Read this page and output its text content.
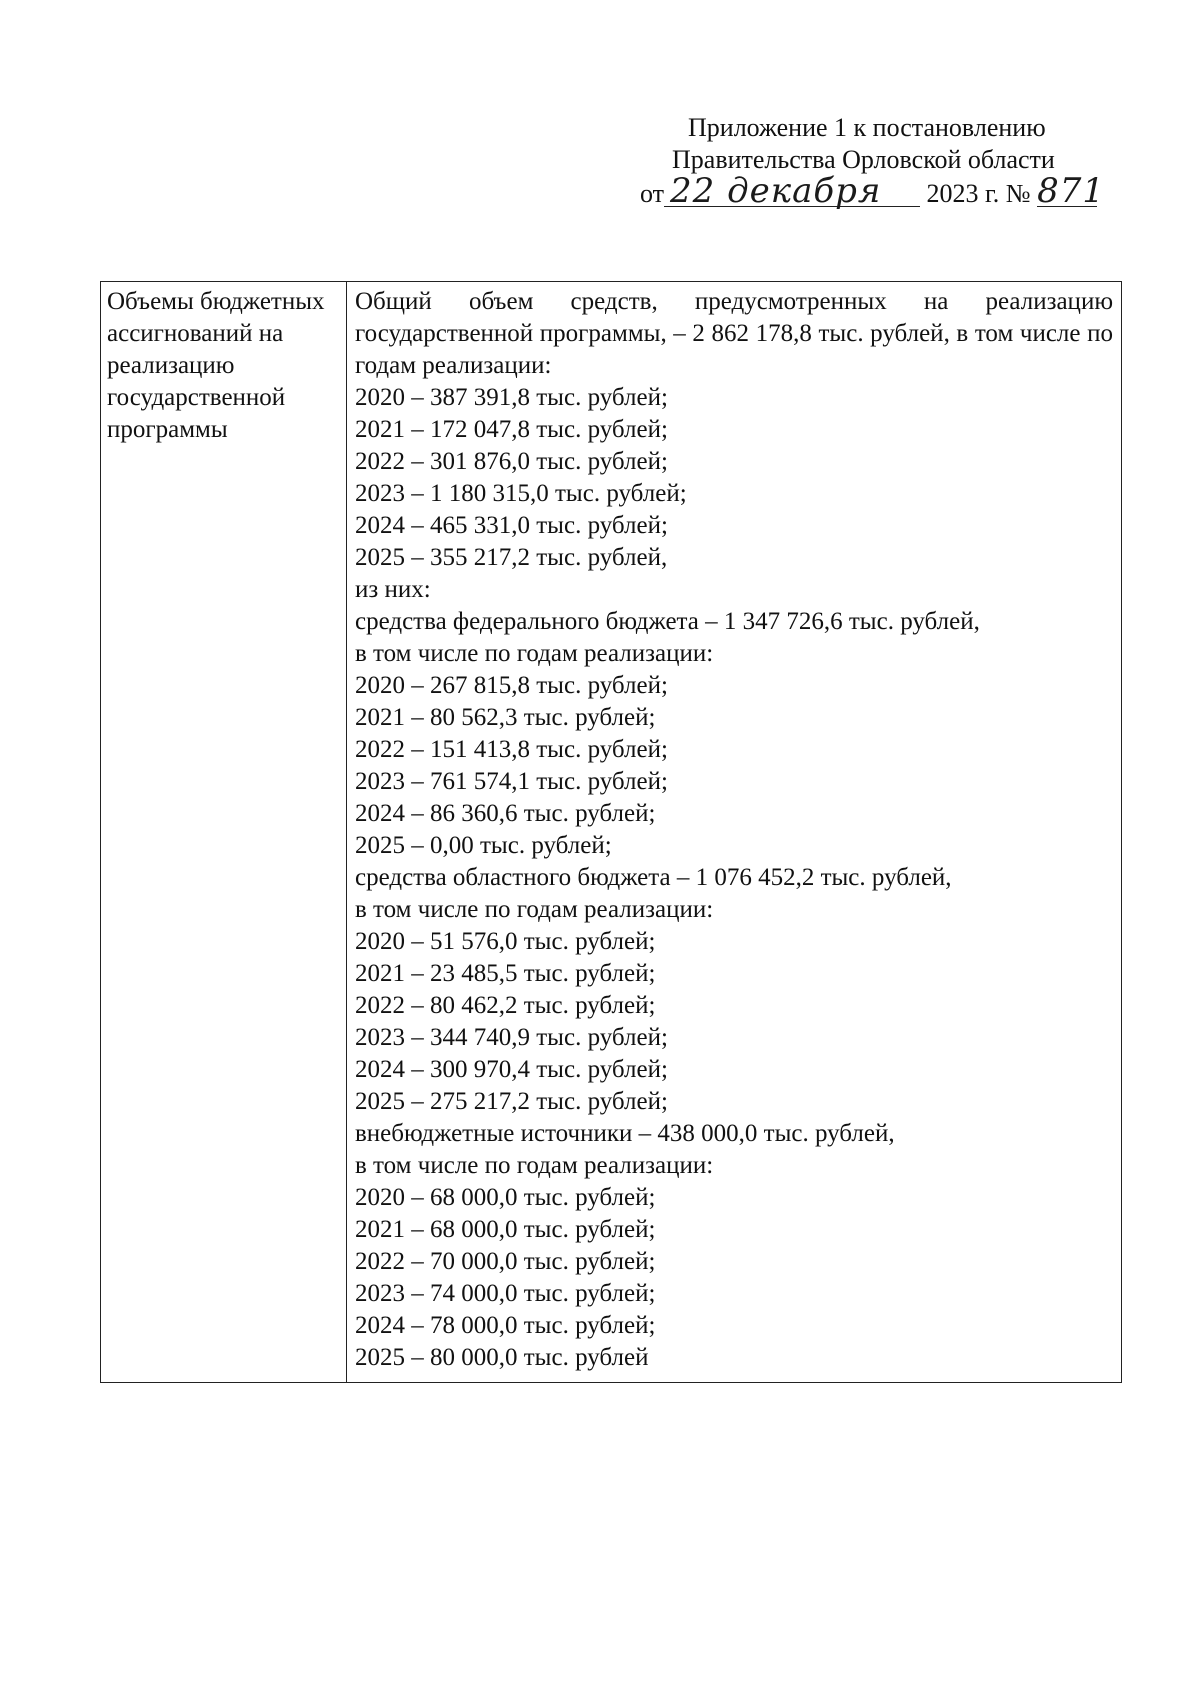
Приложение 1 к постановлению
Правительства Орловской области
от 22 декабря 2023 г. № 871
Объемы бюджетных ассигнований на реализацию государственной программы
Общий объем средств, предусмотренных на реализацию государственной программы, – 2 862 178,8 тыс. рублей, в том числе по годам реализации:
2020 – 387 391,8 тыс. рублей;
2021 – 172 047,8 тыс. рублей;
2022 – 301 876,0 тыс. рублей;
2023 – 1 180 315,0 тыс. рублей;
2024 – 465 331,0 тыс. рублей;
2025 – 355 217,2 тыс. рублей,
из них:
средства федерального бюджета – 1 347 726,6 тыс. рублей,
в том числе по годам реализации:
2020 – 267 815,8 тыс. рублей;
2021 – 80 562,3 тыс. рублей;
2022 – 151 413,8 тыс. рублей;
2023 – 761 574,1 тыс. рублей;
2024 – 86 360,6 тыс. рублей;
2025 – 0,00 тыс. рублей;
средства областного бюджета – 1 076 452,2 тыс. рублей,
в том числе по годам реализации:
2020 – 51 576,0 тыс. рублей;
2021 – 23 485,5 тыс. рублей;
2022 – 80 462,2 тыс. рублей;
2023 – 344 740,9 тыс. рублей;
2024 – 300 970,4 тыс. рублей;
2025 – 275 217,2 тыс. рублей;
внебюджетные источники – 438 000,0 тыс. рублей,
в том числе по годам реализации:
2020 – 68 000,0 тыс. рублей;
2021 – 68 000,0 тыс. рублей;
2022 – 70 000,0 тыс. рублей;
2023 – 74 000,0 тыс. рублей;
2024 – 78 000,0 тыс. рублей;
2025 – 80 000,0 тыс. рублей
